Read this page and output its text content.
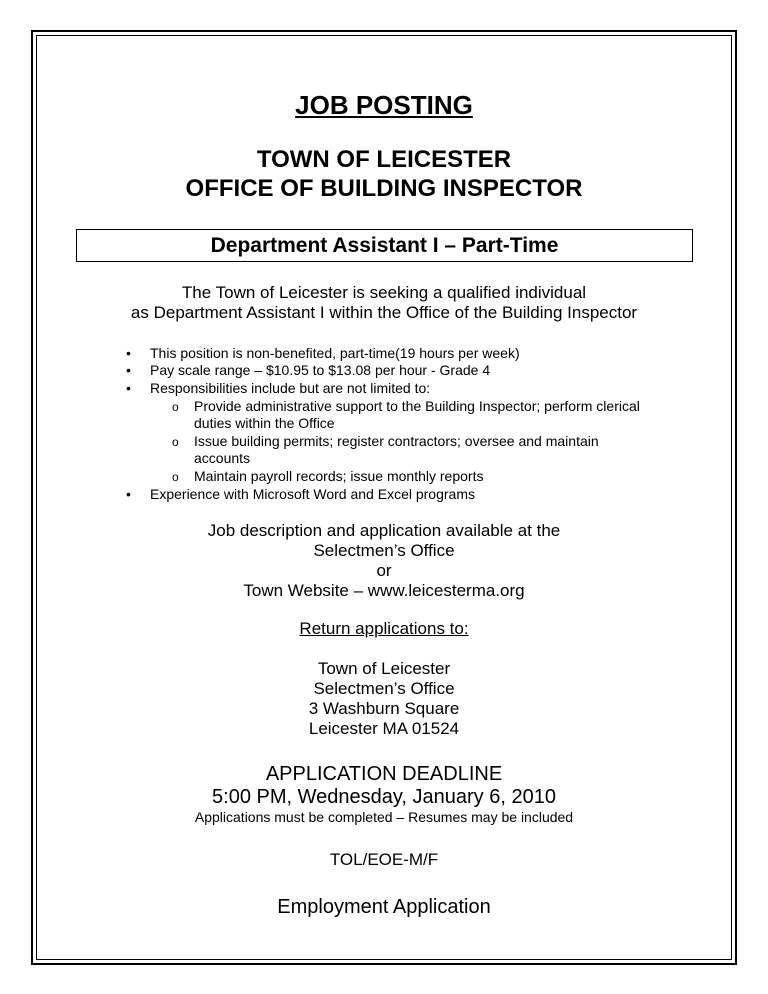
JOB POSTING
TOWN OF LEICESTER
OFFICE OF BUILDING INSPECTOR
Department Assistant I – Part-Time
The Town of Leicester is seeking a qualified individual
as Department Assistant I within the Office of the Building Inspector
• This position is non-benefited, part-time(19 hours per week)
• Pay scale range – $10.95 to $13.08 per hour - Grade 4
• Responsibilities include but are not limited to:
o Provide administrative support to the Building Inspector; perform clerical
duties within the Office
o Issue building permits; register contractors; oversee and maintain
accounts
o Maintain payroll records; issue monthly reports
• Experience with Microsoft Word and Excel programs
Job description and application available at the
Selectmen’s Office
or
Town Website – www.leicesterma.org
Return applications to:
Town of Leicester
Selectmen’s Office
3 Washburn Square
Leicester MA 01524
APPLICATION DEADLINE
5:00 PM, Wednesday, January 6, 2010
Applications must be completed – Resumes may be included
TOL/EOE-M/F
Employment Application
